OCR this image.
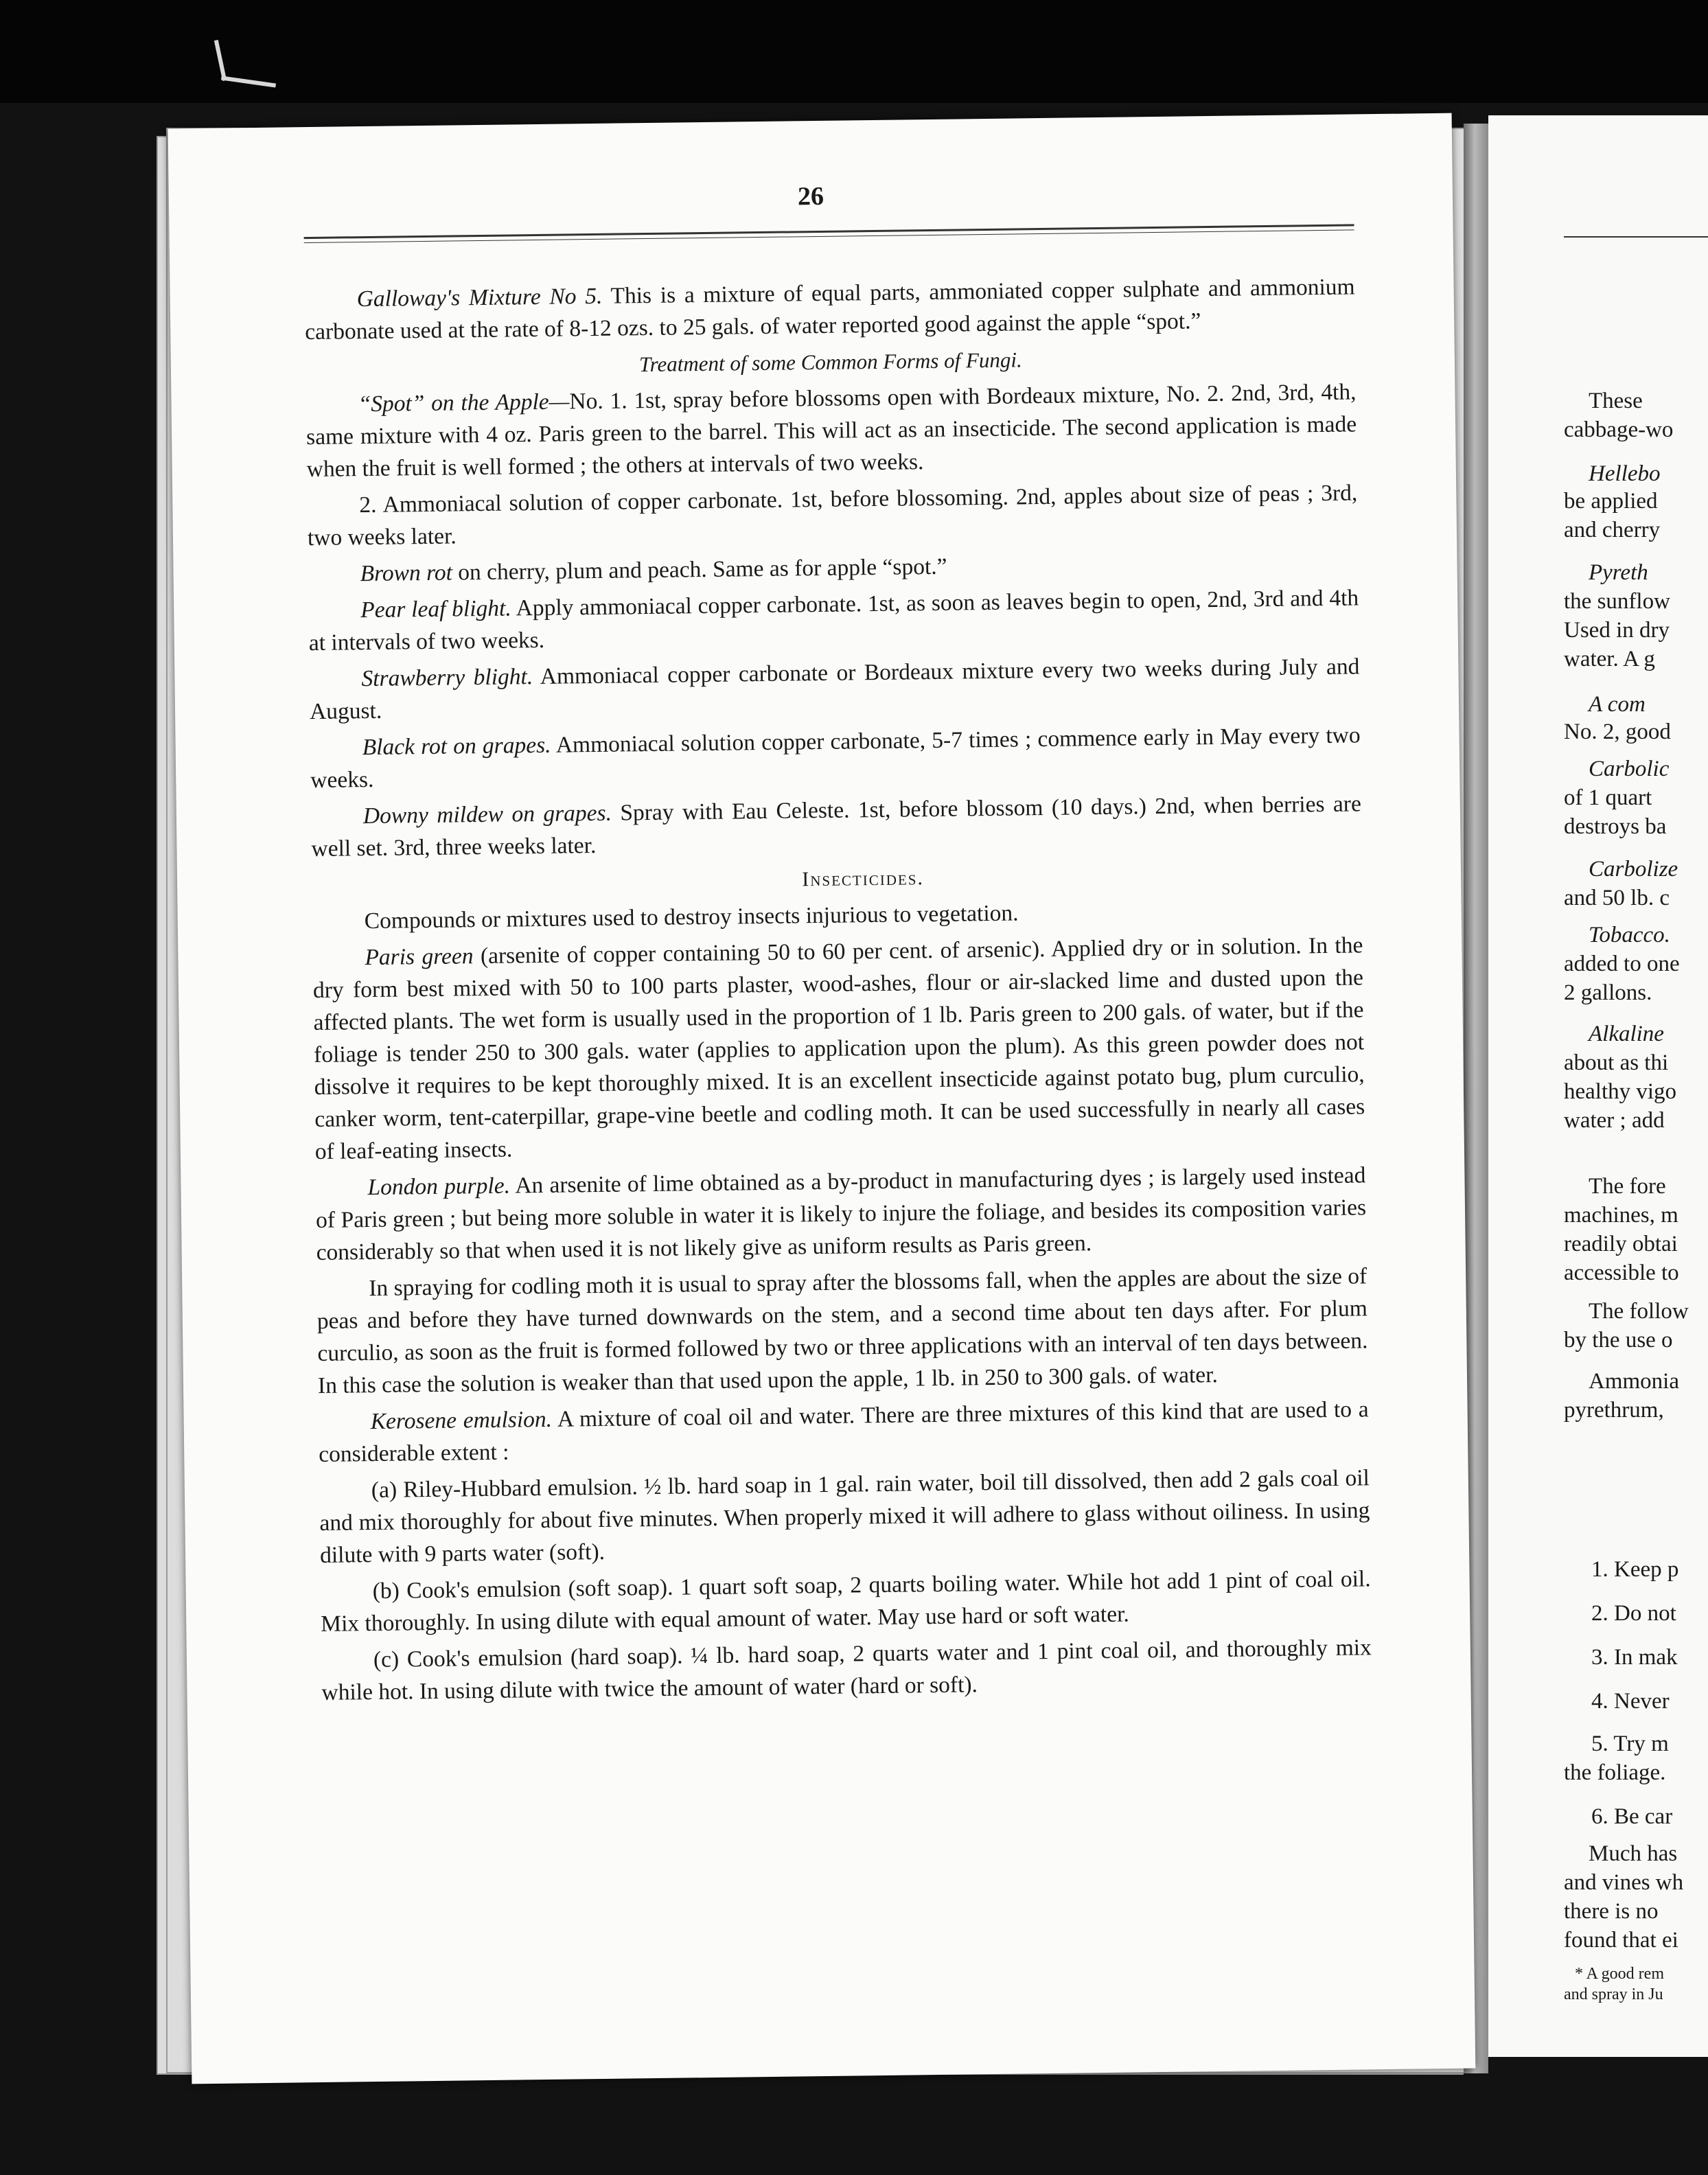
26

Galloway's Mixture No 5. This is a mixture of equal parts, ammoniated copper sulphate and ammonium carbonate used at the rate of 8-12 ozs. to 25 gals. of water reported good against the apple “spot.”

Treatment of some Common Forms of Fungi.

“Spot” on the Apple—No. 1. 1st, spray before blossoms open with Bordeaux mixture, No. 2. 2nd, 3rd, 4th, same mixture with 4 oz. Paris green to the barrel. This will act as an insecticide. The second application is made when the fruit is well formed ; the others at intervals of two weeks.

2. Ammoniacal solution of copper carbonate. 1st, before blossoming. 2nd, apples about size of peas ; 3rd, two weeks later.

Brown rot on cherry, plum and peach. Same as for apple “spot.”

Pear leaf blight. Apply ammoniacal copper carbonate. 1st, as soon as leaves begin to open, 2nd, 3rd and 4th at intervals of two weeks.

Strawberry blight. Ammoniacal copper carbonate or Bordeaux mixture every two weeks during July and August.

Black rot on grapes. Ammoniacal solution copper carbonate, 5-7 times ; commence early in May every two weeks.

Downy mildew on grapes. Spray with Eau Celeste. 1st, before blossom (10 days.) 2nd, when berries are well set. 3rd, three weeks later.

Insecticides.

Compounds or mixtures used to destroy insects injurious to vegetation.

Paris green (arsenite of copper containing 50 to 60 per cent. of arsenic). Applied dry or in solution. In the dry form best mixed with 50 to 100 parts plaster, wood-ashes, flour or air-slacked lime and dusted upon the affected plants. The wet form is usually used in the proportion of 1 lb. Paris green to 200 gals. of water, but if the foliage is tender 250 to 300 gals. water (applies to application upon the plum). As this green powder does not dissolve it requires to be kept thoroughly mixed. It is an excellent insecticide against potato bug, plum curculio, canker worm, tent-caterpillar, grape-vine beetle and codling moth. It can be used successfully in nearly all cases of leaf-eating insects.

London purple. An arsenite of lime obtained as a by-product in manufacturing dyes ; is largely used instead of Paris green ; but being more soluble in water it is likely to injure the foliage, and besides its composition varies considerably so that when used it is not likely give as uniform results as Paris green.

In spraying for codling moth it is usual to spray after the blossoms fall, when the apples are about the size of peas and before they have turned downwards on the stem, and a second time about ten days after. For plum curculio, as soon as the fruit is formed followed by two or three applications with an interval of ten days between. In this case the solution is weaker than that used upon the apple, 1 lb. in 250 to 300 gals. of water.

Kerosene emulsion. A mixture of coal oil and water. There are three mixtures of this kind that are used to a considerable extent :

(a) Riley-Hubbard emulsion. ½ lb. hard soap in 1 gal. rain water, boil till dissolved, then add 2 gals coal oil and mix thoroughly for about five minutes. When properly mixed it will adhere to glass without oiliness. In using dilute with 9 parts water (soft).

(b) Cook's emulsion (soft soap). 1 quart soft soap, 2 quarts boiling water. While hot add 1 pint of coal oil. Mix thoroughly. In using dilute with equal amount of water. May use hard or soft water.

(c) Cook's emulsion (hard soap). ¼ lb. hard soap, 2 quarts water and 1 pint coal oil, and thoroughly mix while hot. In using dilute with twice the amount of water (hard or soft).

These
cabbage-wo
Hellebo
be applied
and cherry
Pyreth
the sunflow
Used in dry
water. A g
A com
No. 2, good
Carbolic
of 1 quart
destroys ba
Carbolize
and 50 lb. c
Tobacco.
added to one
2 gallons.
Alkaline
about as thi
healthy vigo
water ; add
The fore
machines, m
readily obtai
accessible to
The follow
by the use o
Ammonia
pyrethrum,
1. Keep p
2. Do not
3. In mak
4. Never
5. Try m
the foliage.
6. Be car
Much has
and vines wh
there is no
found that ei
* A good rem
and spray in Ju
